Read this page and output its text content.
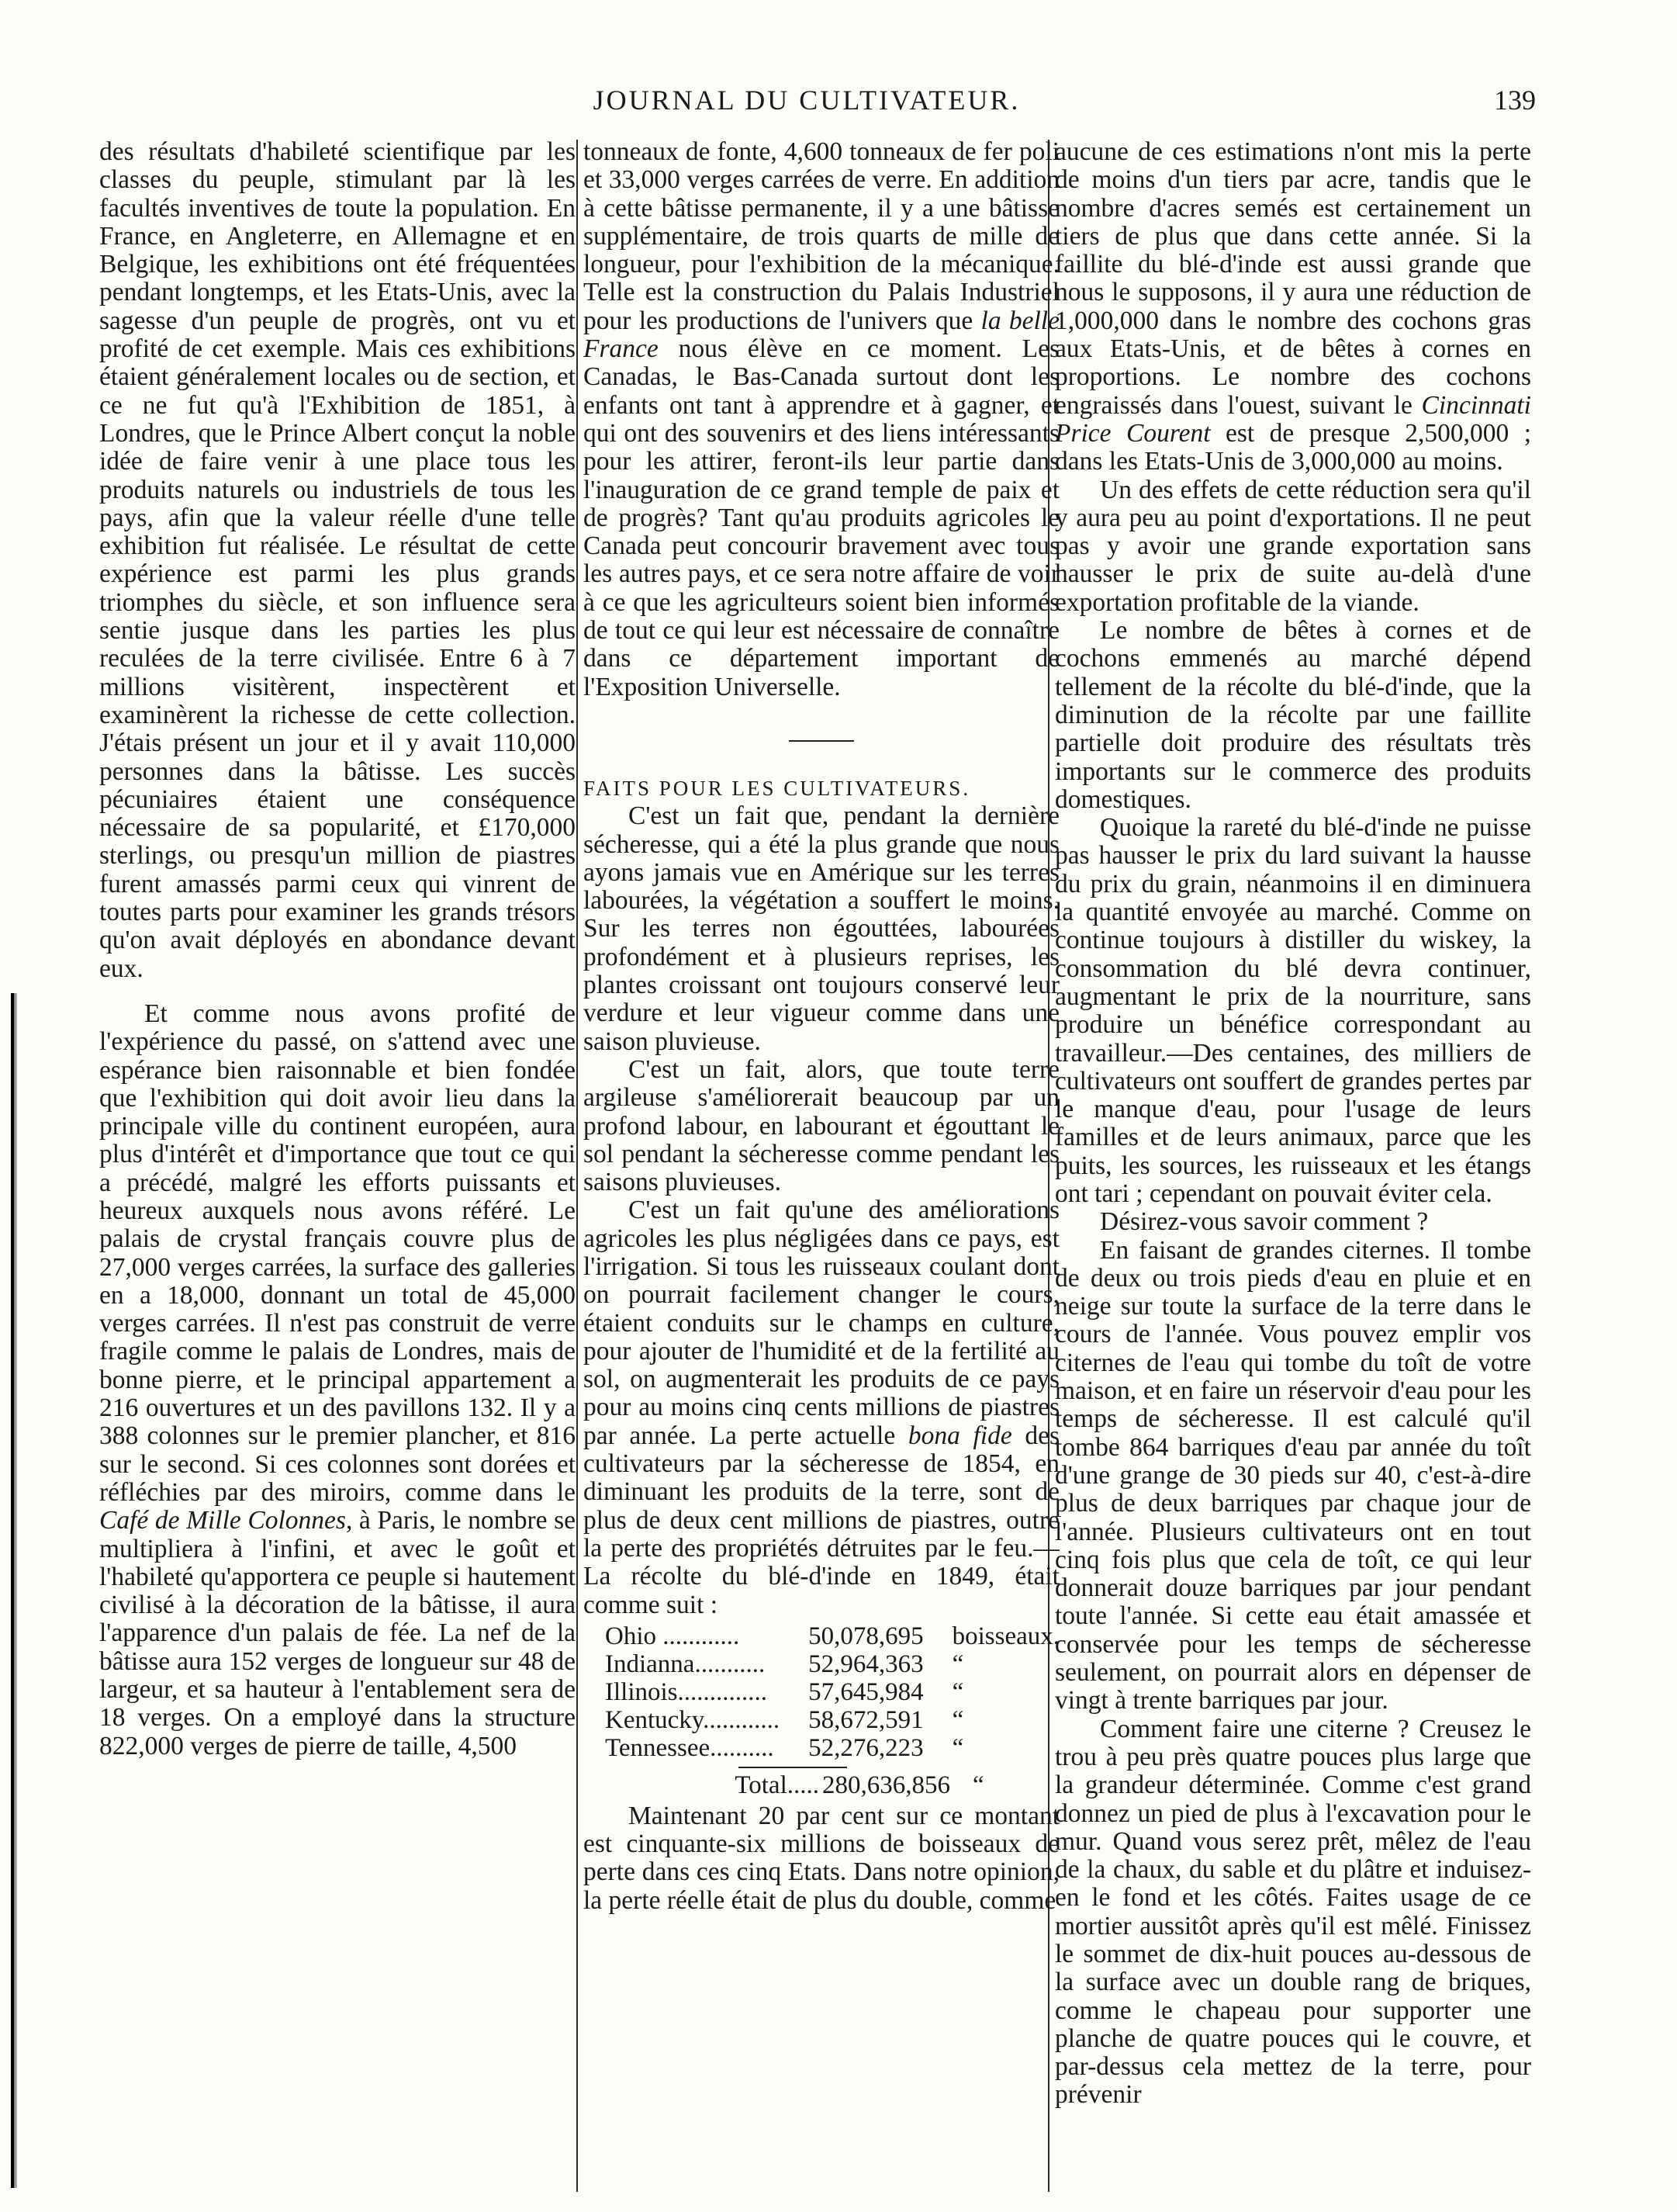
JOURNAL DU CULTIVATEUR.	139

des résultats d'habileté scientifique par les classes du peuple, stimulant par là les facultés inventives de toute la population. En France, en Angleterre, en Allemagne et en Belgique, les exhibitions ont été fréquentées pendant longtemps, et les Etats-Unis, avec la sagesse d'un peuple de progrès, ont vu et profité de cet exemple. Mais ces exhibitions étaient généralement locales ou de section, et ce ne fut qu'à l'Exhibition de 1851, à Londres, que le Prince Albert conçut la noble idée de faire venir à une place tous les produits naturels ou industriels de tous les pays, afin que la valeur réelle d'une telle exhibition fut réalisée. Le résultat de cette expérience est parmi les plus grands triomphes du siècle, et son influence sera sentie jusque dans les parties les plus reculées de la terre civilisée. Entre 6 à 7 millions visitèrent, inspectèrent et examinèrent la richesse de cette collection. J'étais présent un jour et il y avait 110,000 personnes dans la bâtisse. Les succès pécuniaires étaient une conséquence nécessaire de sa popularité, et £170,000 sterlings, ou presqu'un million de piastres furent amassés parmi ceux qui vinrent de toutes parts pour examiner les grands trésors qu'on avait déployés en abondance devant eux.

Et comme nous avons profité de l'expérience du passé, on s'attend avec une espérance bien raisonnable et bien fondée que l'exhibition qui doit avoir lieu dans la principale ville du continent européen, aura plus d'intérêt et d'importance que tout ce qui a précédé, malgré les efforts puissants et heureux auxquels nous avons référé. Le palais de crystal français couvre plus de 27,000 verges carrées, la surface des galleries en a 18,000, donnant un total de 45,000 verges carrées. Il n'est pas construit de verre fragile comme le palais de Londres, mais de bonne pierre, et le principal appartement a 216 ouvertures et un des pavillons 132. Il y a 388 colonnes sur le premier plancher, et 816 sur le second. Si ces colonnes sont dorées et réfléchies par des miroirs, comme dans le Café de Mille Colonnes, à Paris, le nombre se multipliera à l'infini, et avec le goût et l'habileté qu'apportera ce peuple si hautement civilisé à la décoration de la bâtisse, il aura l'apparence d'un palais de fée. La nef de la bâtisse aura 152 verges de longueur sur 48 de largeur, et sa hauteur à l'entablement sera de 18 verges. On a employé dans la structure 822,000 verges de pierre de taille, 4,500

tonneaux de fonte, 4,600 tonneaux de fer poli et 33,000 verges carrées de verre. En addition à cette bâtisse permanente, il y a une bâtisse supplémentaire, de trois quarts de mille de longueur, pour l'exhibition de la mécanique. Telle est la construction du Palais Industriel pour les productions de l'univers que la belle France nous élève en ce moment. Les Canadas, le Bas-Canada surtout dont les enfants ont tant à apprendre et à gagner, et qui ont des souvenirs et des liens intéressants pour les attirer, feront-ils leur partie dans l'inauguration de ce grand temple de paix et de progrès? Tant qu'au produits agricoles le Canada peut concourir bravement avec tous les autres pays, et ce sera notre affaire de voir à ce que les agriculteurs soient bien informés de tout ce qui leur est nécessaire de connaître dans ce département important de l'Exposition Universelle.

FAITS POUR LES CULTIVATEURS.

C'est un fait que, pendant la dernière sécheresse, qui a été la plus grande que nous ayons jamais vue en Amérique sur les terres labourées, la végétation a souffert le moins. Sur les terres non égouttées, labourées profondément et à plusieurs reprises, les plantes croissant ont toujours conservé leur verdure et leur vigueur comme dans une saison pluvieuse.

C'est un fait, alors, que toute terre argileuse s'améliorerait beaucoup par un profond labour, en labourant et égouttant le sol pendant la sécheresse comme pendant les saisons pluvieuses.

C'est un fait qu'une des améliorations agricoles les plus négligées dans ce pays, est l'irrigation. Si tous les ruisseaux coulant dont on pourrait facilement changer le cours, étaient conduits sur le champs en culture, pour ajouter de l'humidité et de la fertilité au sol, on augmenterait les produits de ce pays pour au moins cinq cents millions de piastres par année. La perte actuelle bona fide des cultivateurs par la sécheresse de 1854, en diminuant les produits de la terre, sont de plus de deux cent millions de piastres, outre la perte des propriétés détruites par le feu.—La récolte du blé-d'inde en 1849, était comme suit :

Ohio ............	50,078,695	boisseaux.
Indianna...........	52,964,363	“
Illinois..............	57,645,984	“
Kentucky............	58,672,591	“
Tennessee..........	52,276,223	“
Total.....	280,636,856	“

Maintenant 20 par cent sur ce montant est cinquante-six millions de boisseaux de perte dans ces cinq Etats. Dans notre opinion, la perte réelle était de plus du double, comme

aucune de ces estimations n'ont mis la perte de moins d'un tiers par acre, tandis que le nombre d'acres semés est certainement un tiers de plus que dans cette année. Si la faillite du blé-d'inde est aussi grande que nous le supposons, il y aura une réduction de 1,000,000 dans le nombre des cochons gras aux Etats-Unis, et de bêtes à cornes en proportions. Le nombre des cochons engraissés dans l'ouest, suivant le Cincinnati Price Courent est de presque 2,500,000 ; dans les Etats-Unis de 3,000,000 au moins.

Un des effets de cette réduction sera qu'il y aura peu au point d'exportations. Il ne peut pas y avoir une grande exportation sans hausser le prix de suite au-delà d'une exportation profitable de la viande.

Le nombre de bêtes à cornes et de cochons emmenés au marché dépend tellement de la récolte du blé-d'inde, que la diminution de la récolte par une faillite partielle doit produire des résultats très importants sur le commerce des produits domestiques.

Quoique la rareté du blé-d'inde ne puisse pas hausser le prix du lard suivant la hausse du prix du grain, néanmoins il en diminuera la quantité envoyée au marché. Comme on continue toujours à distiller du wiskey, la consommation du blé devra continuer, augmentant le prix de la nourriture, sans produire un bénéfice correspondant au travailleur.—Des centaines, des milliers de cultivateurs ont souffert de grandes pertes par le manque d'eau, pour l'usage de leurs familles et de leurs animaux, parce que les puits, les sources, les ruisseaux et les étangs ont tari ; cependant on pouvait éviter cela.

Désirez-vous savoir comment ?

En faisant de grandes citernes. Il tombe de deux ou trois pieds d'eau en pluie et en neige sur toute la surface de la terre dans le cours de l'année. Vous pouvez emplir vos citernes de l'eau qui tombe du toît de votre maison, et en faire un réservoir d'eau pour les temps de sécheresse. Il est calculé qu'il tombe 864 barriques d'eau par année du toît d'une grange de 30 pieds sur 40, c'est-à-dire plus de deux barriques par chaque jour de l'année. Plusieurs cultivateurs ont en tout cinq fois plus que cela de toît, ce qui leur donnerait douze barriques par jour pendant toute l'année. Si cette eau était amassée et conservée pour les temps de sécheresse seulement, on pourrait alors en dépenser de vingt à trente barriques par jour.

Comment faire une citerne ? Creusez le trou à peu près quatre pouces plus large que la grandeur déterminée. Comme c'est grand donnez un pied de plus à l'excavation pour le mur. Quand vous serez prêt, mêlez de l'eau de la chaux, du sable et du plâtre et induisez-en le fond et les côtés. Faites usage de ce mortier aussitôt après qu'il est mêlé. Finissez le sommet de dix-huit pouces au-dessous de la surface avec un double rang de briques, comme le chapeau pour supporter une planche de quatre pouces qui le couvre, et par-dessus cela mettez de la terre, pour prévenir
